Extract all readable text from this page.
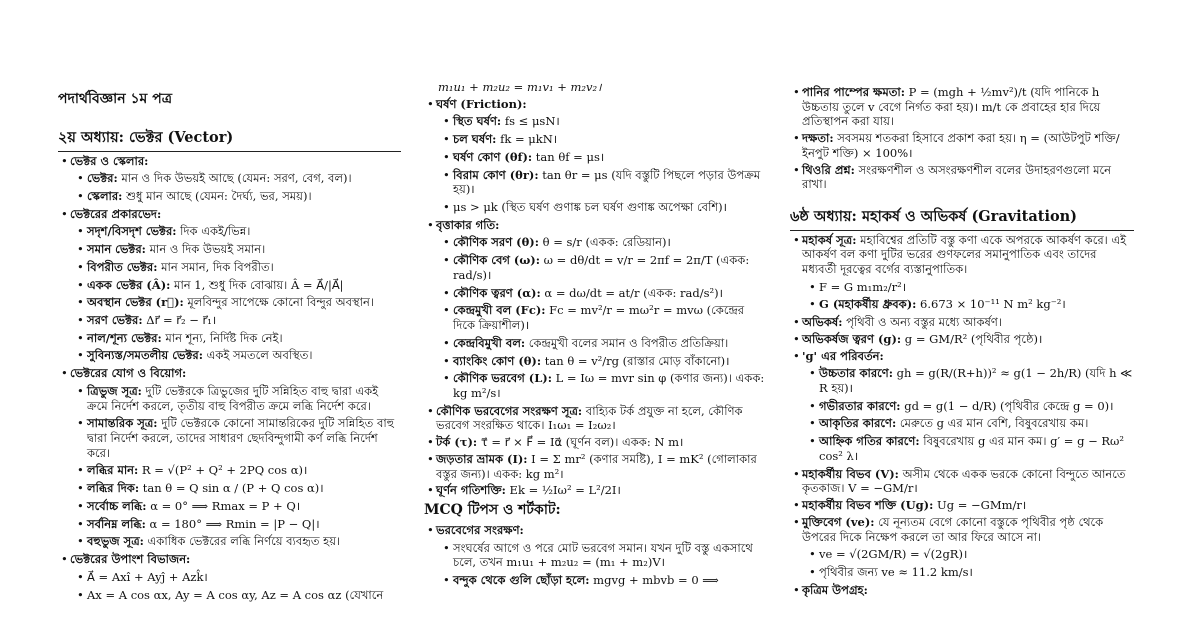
পদার্থবিজ্ঞান ১ম পত্র
২য় অধ্যায়: ভেক্টর (Vector)
• ভেক্টর ও স্কেলার:
• ভেক্টর: মান ও দিক উভয়ই আছে (যেমন: সরণ, বেগ, বল)।
• স্কেলার: শুধু মান আছে (যেমন: দৈর্ঘ্য, ভর, সময়)।
• ভেক্টরের প্রকারভেদ:
• সদৃশ/বিসদৃশ ভেক্টর: দিক একই/ভিন্ন।
• সমান ভেক্টর: মান ও দিক উভয়ই সমান।
• বিপরীত ভেক্টর: মান সমান, দিক বিপরীত।
• একক ভেক্টর (Â): মান 1, শুধু দিক বোঝায়। Â = A⃗/|A⃗|
• অবস্থান ভেক্টর (r⃗): মূলবিন্দুর সাপেক্ষে কোনো বিন্দুর অবস্থান।
• সরণ ভেক্টর: Δr⃗ = r⃗₂ − r⃗₁।
• নাল/শূন্য ভেক্টর: মান শূন্য, নির্দিষ্ট দিক নেই।
• সুবিন্যস্ত/সমতলীয় ভেক্টর: একই সমতলে অবস্থিত।
• ভেক্টরের যোগ ও বিয়োগ:
• ত্রিভুজ সূত্র: দুটি ভেক্টরকে ত্রিভুজের দুটি সন্নিহিত বাহু দ্বারা একই ক্রমে নির্দেশ করলে, তৃতীয় বাহু বিপরীত ক্রমে লব্ধি নির্দেশ করে।
• সামান্তরিক সূত্র: দুটি ভেক্টরকে কোনো সামান্তরিকের দুটি সন্নিহিত বাহু দ্বারা নির্দেশ করলে, তাদের সাধারণ ছেদবিন্দুগামী কর্ণ লব্ধি নির্দেশ করে।
• লব্ধির মান: R = √(P² + Q² + 2PQ cos α)।
• লব্ধির দিক: tan θ = Q sin α / (P + Q cos α)।
• সর্বোচ্চ লব্ধি: α = 0° ⟹ Rmax = P + Q।
• সর্বনিম্ন লব্ধি: α = 180° ⟹ Rmin = |P − Q|।
• বহুভুজ সূত্র: একাধিক ভেক্টরের লব্ধি নির্ণয়ে ব্যবহৃত হয়।
• ভেক্টরের উপাংশ বিভাজন:
• A⃗ = Axî + Ayĵ + Azk̂।
• Ax = A cos αx, Ay = A cos αy, Az = A cos αz (যেখানে
m₁u₁ + m₂u₂ = m₁v₁ + m₂v₂।
• ঘর্ষণ (Friction):
• স্থিত ঘর্ষণ: fs ≤ μsN।
• চল ঘর্ষণ: fk = μkN।
• ঘর্ষণ কোণ (θf): tan θf = μs।
• বিরাম কোণ (θr): tan θr = μs (যদি বস্তুটি পিছলে পড়ার উপক্রম হয়)।
• μs > μk (স্থিত ঘর্ষণ গুণাঙ্ক চল ঘর্ষণ গুণাঙ্ক অপেক্ষা বেশি)।
• বৃত্তাকার গতি:
• কৌণিক সরণ (θ): θ = s/r (একক: রেডিয়ান)।
• কৌণিক বেগ (ω): ω = dθ/dt = v/r = 2πf = 2π/T (একক: rad/s)।
• কৌণিক ত্বরণ (α): α = dω/dt = at/r (একক: rad/s²)।
• কেন্দ্রমুখী বল (Fc): Fc = mv²/r = mω²r = mvω (কেন্দ্রের দিকে ক্রিয়াশীল)।
• কেন্দ্রবিমুখী বল: কেন্দ্রমুখী বলের সমান ও বিপরীত প্রতিক্রিয়া।
• ব্যাংকিং কোণ (θ): tan θ = v²/rg (রাস্তার মোড় বাঁকানো)।
• কৌণিক ভরবেগ (L): L = Iω = mvr sin φ (কণার জন্য)। একক: kg m²/s।
• কৌণিক ভরবেগের সংরক্ষণ সূত্র: বাহ্যিক টর্ক প্রযুক্ত না হলে, কৌণিক ভরবেগ সংরক্ষিত থাকে। I₁ω₁ = I₂ω₂।
• টর্ক (τ): τ⃗ = r⃗ × F⃗ = Iα⃗ (ঘূর্ণন বল)। একক: N m।
• জড়তার ভ্রামক (I): I = Σ mr² (কণার সমষ্টি), I = mK² (গোলাকার বস্তুর জন্য)। একক: kg m²।
• ঘূর্ণন গতিশক্তি: Ek = ½Iω² = L²/2I।
MCQ টিপস ও শর্টকাট:
• ভরবেগের সংরক্ষণ:
• সংঘর্ষের আগে ও পরে মোট ভরবেগ সমান। যখন দুটি বস্তু একসাথে চলে, তখন m₁u₁ + m₂u₂ = (m₁ + m₂)V।
• বন্দুক থেকে গুলি ছোঁড়া হলে: mgvg + mbvb = 0 ⟹
• পানির পাম্পের ক্ষমতা: P = (mgh + ½mv²)/t (যদি পানিকে h উচ্চতায় তুলে v বেগে নির্গত করা হয়)। m/t কে প্রবাহের হার দিয়ে প্রতিস্থাপন করা যায়।
• দক্ষতা: সবসময় শতকরা হিসাবে প্রকাশ করা হয়। η = (আউটপুট শক্তি/ইনপুট শক্তি) × 100%।
• থিওরি প্রশ্ন: সংরক্ষণশীল ও অসংরক্ষণশীল বলের উদাহরণগুলো মনে রাখা।
৬ষ্ঠ অধ্যায়: মহাকর্ষ ও অভিকর্ষ (Gravitation)
• মহাকর্ষ সূত্র: মহাবিশ্বের প্রতিটি বস্তু কণা একে অপরকে আকর্ষণ করে। এই আকর্ষণ বল কণা দুটির ভরের গুণফলের সমানুপাতিক এবং তাদের মধ্যবর্তী দূরত্বের বর্গের ব্যস্তানুপাতিক।
• F = G m₁m₂/r²।
• G (মহাকর্ষীয় ধ্রুবক): 6.673 × 10⁻¹¹ N m² kg⁻²।
• অভিকর্ষ: পৃথিবী ও অন্য বস্তুর মধ্যে আকর্ষণ।
• অভিকর্ষজ ত্বরণ (g): g = GM/R² (পৃথিবীর পৃষ্ঠে)।
• 'g' এর পরিবর্তন:
• উচ্চতার কারণে: gh = g(R/(R+h))² ≈ g(1 − 2h/R) (যদি h ≪ R হয়)।
• গভীরতার কারণে: gd = g(1 − d/R) (পৃথিবীর কেন্দ্রে g = 0)।
• আকৃতির কারণে: মেরুতে g এর মান বেশি, বিষুবরেখায় কম।
• আহ্নিক গতির কারণে: বিষুবরেখায় g এর মান কম। g′ = g − Rω² cos² λ।
• মহাকর্ষীয় বিভব (V): অসীম থেকে একক ভরকে কোনো বিন্দুতে আনতে কৃতকাজ। V = −GM/r।
• মহাকর্ষীয় বিভব শক্তি (Ug): Ug = −GMm/r।
• মুক্তিবেগ (ve): যে নূন্যতম বেগে কোনো বস্তুকে পৃথিবীর পৃষ্ঠ থেকে উপরের দিকে নিক্ষেপ করলে তা আর ফিরে আসে না।
• ve = √(2GM/R) = √(2gR)।
• পৃথিবীর জন্য ve ≈ 11.2 km/s।
• কৃত্রিম উপগ্রহ:
